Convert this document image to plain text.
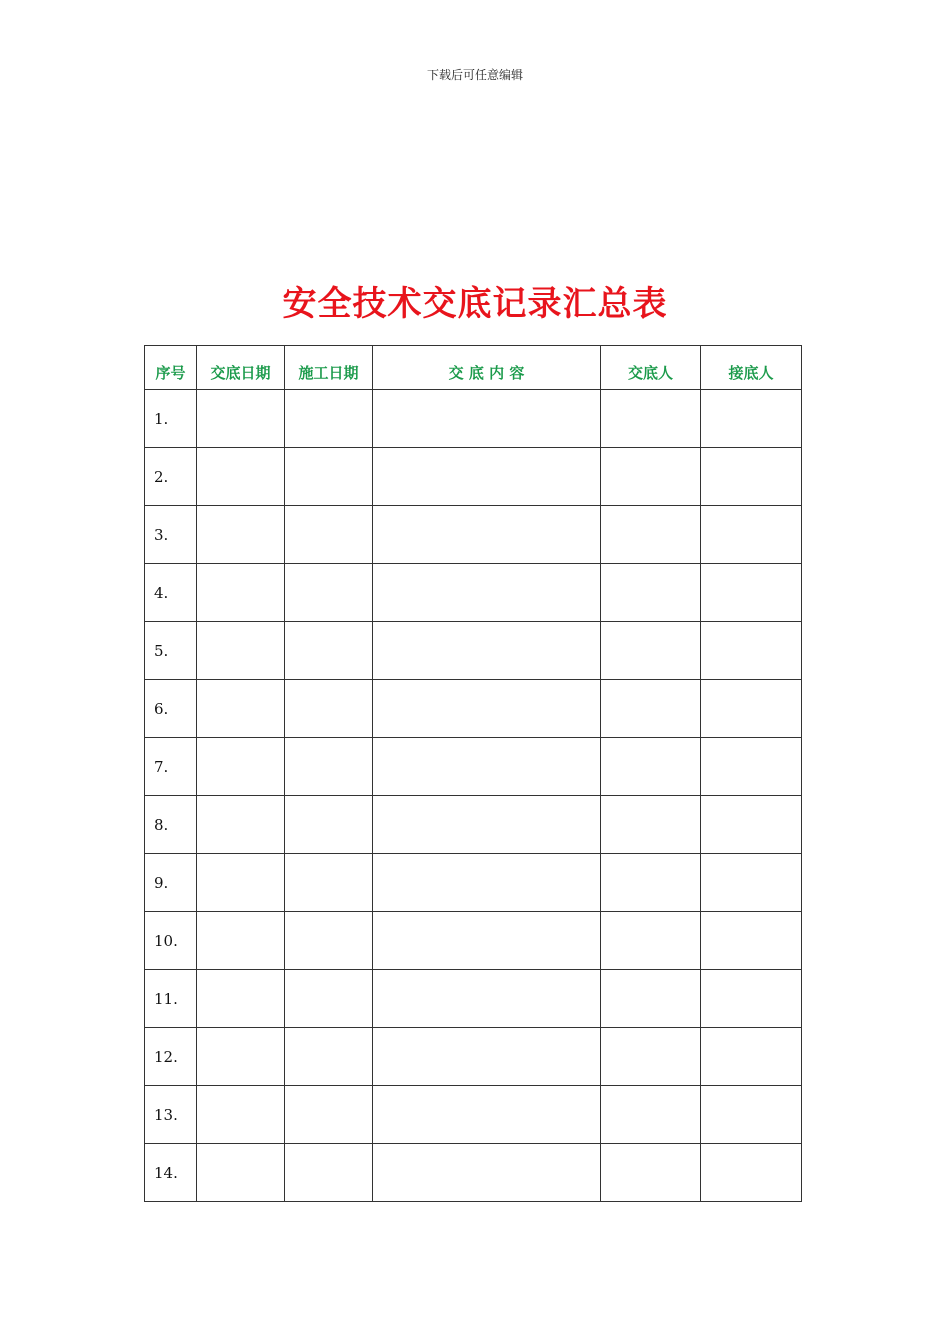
下载后可任意编辑
安全技术交底记录汇总表
序号	交底日期	施工日期	交 底 内 容	交底人	接底人
1.					
2.					
3.					
4.					
5.					
6.					
7.					
8.					
9.					
10.					
11.					
12.					
13.					
14.					
